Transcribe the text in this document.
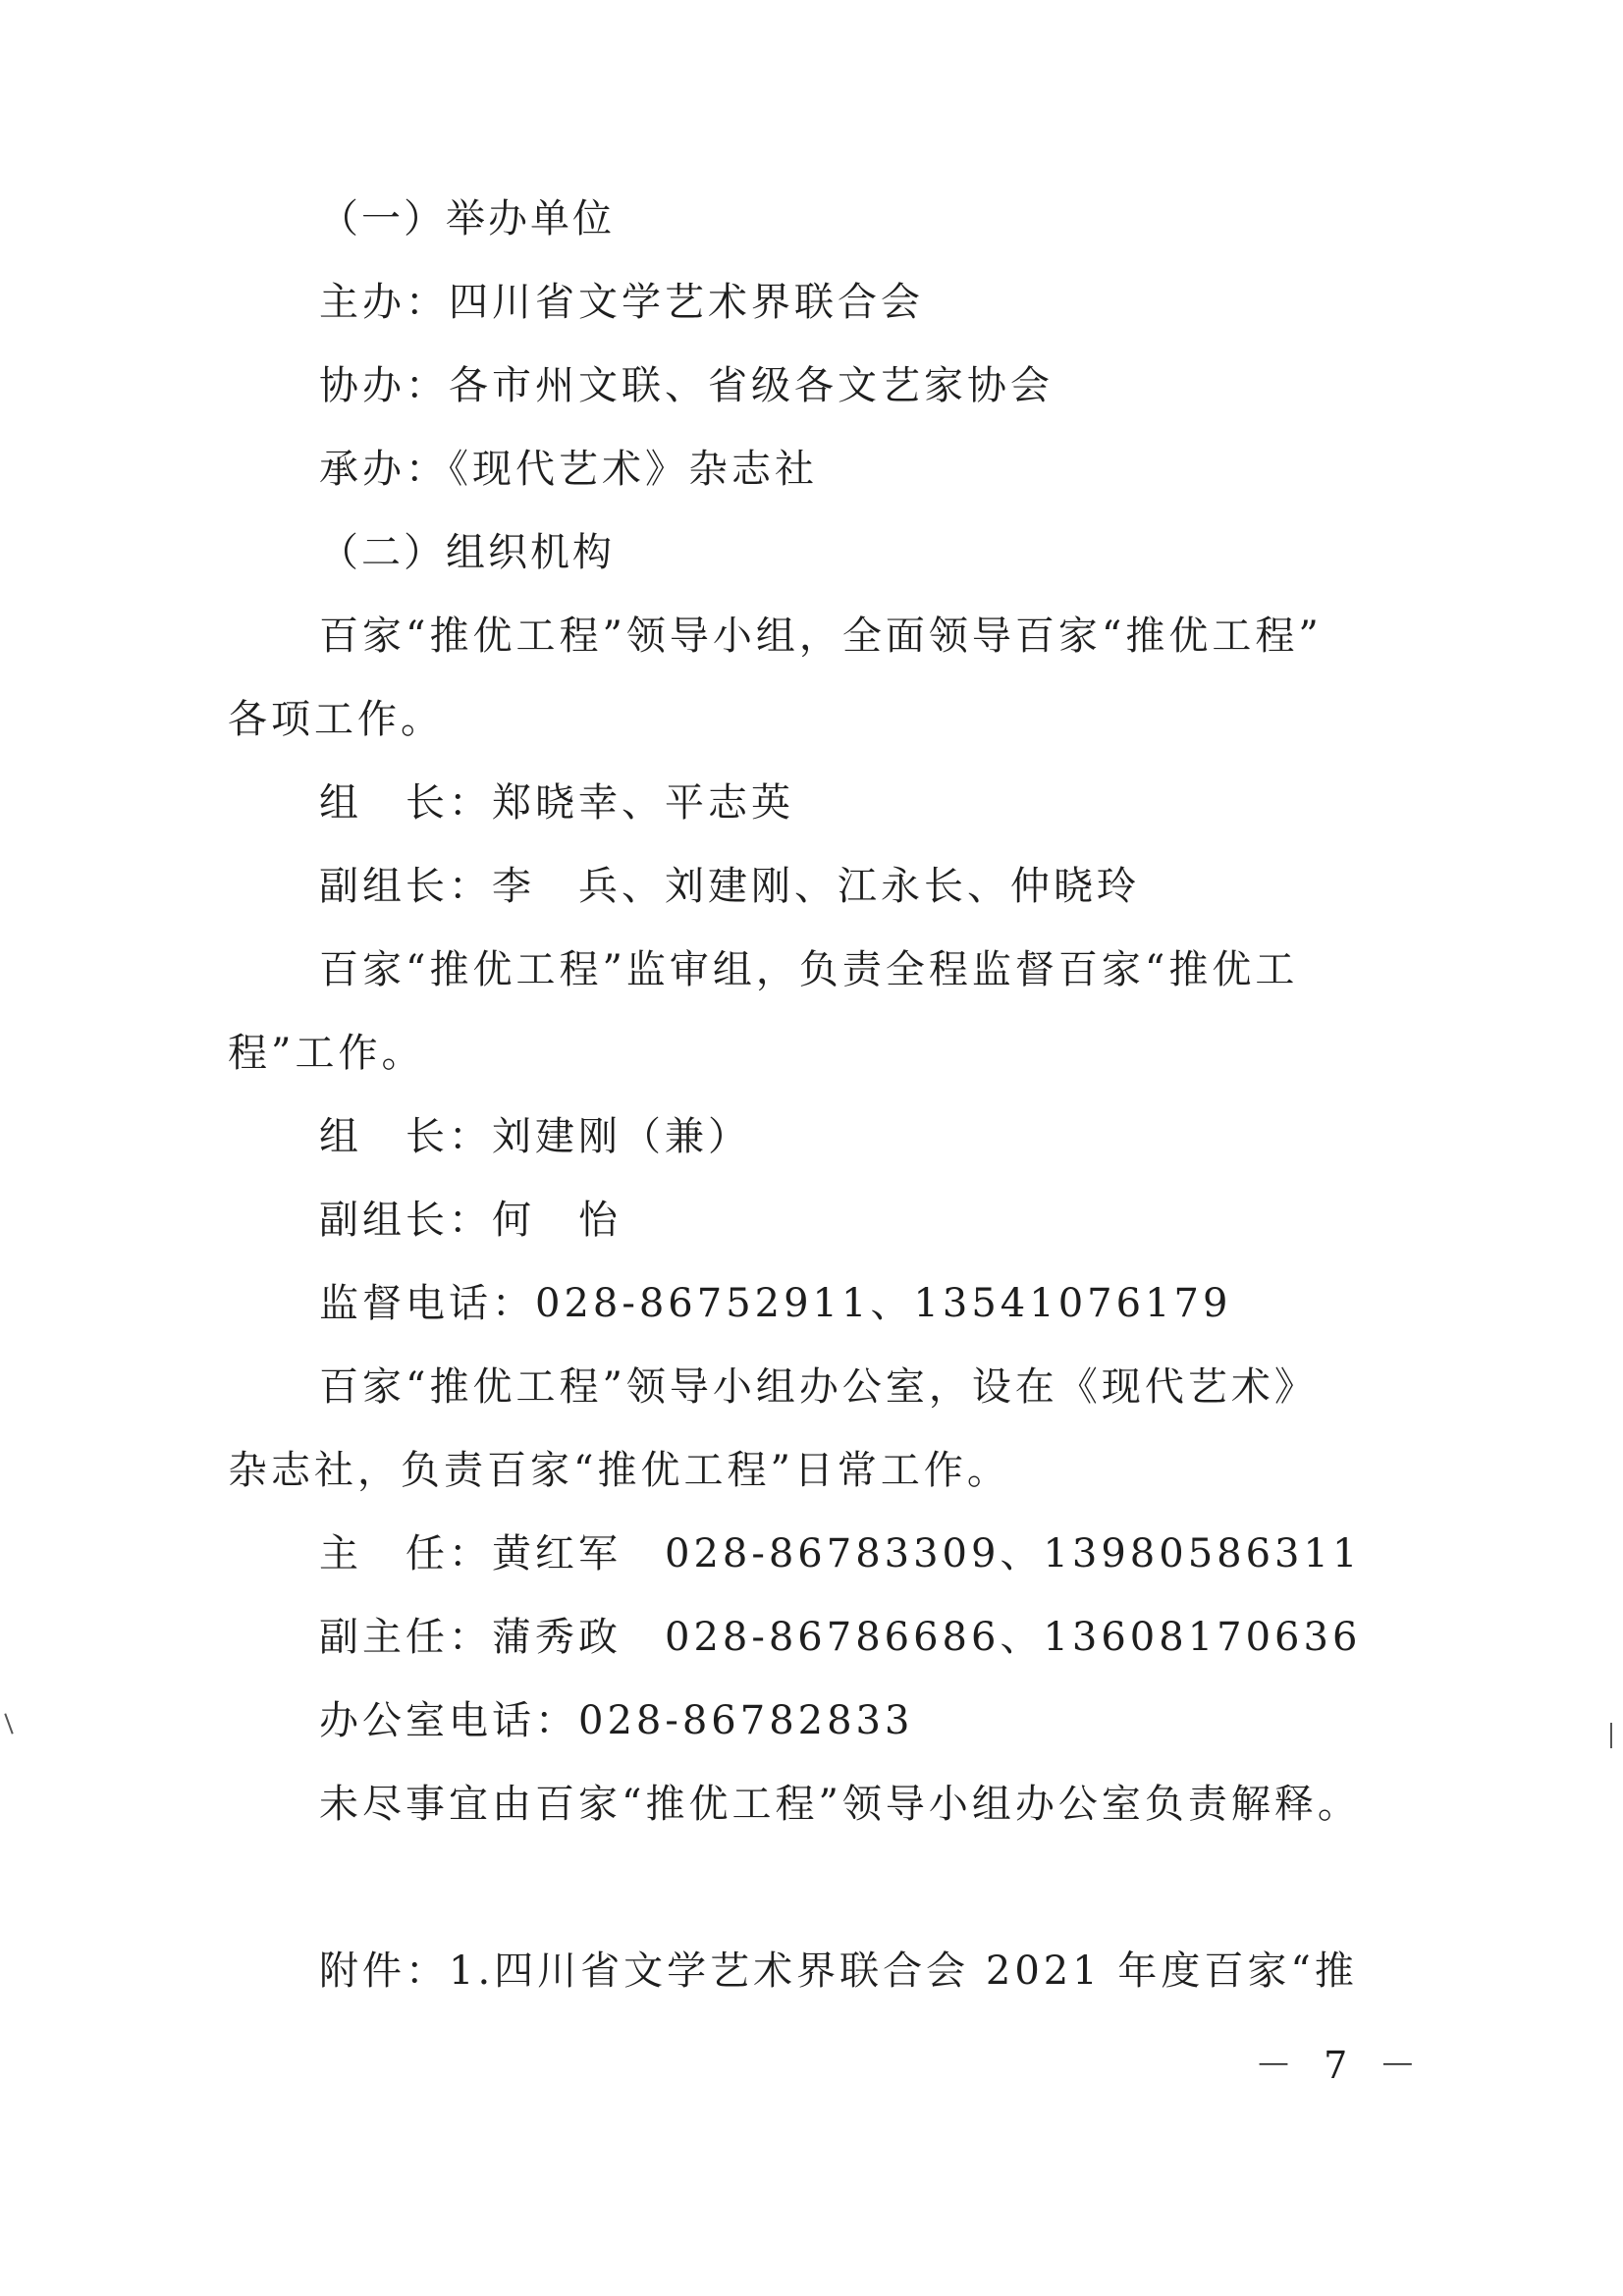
（一）举办单位
主办：四川省文学艺术界联合会
协办：各市州文联、省级各文艺家协会
承办：《现代艺术》杂志社
（二）组织机构
百家“推优工程”领导小组，全面领导百家“推优工程”
各项工作。
组　长：郑晓幸、平志英
副组长：李　兵、刘建刚、江永长、仲晓玲
百家“推优工程”监审组，负责全程监督百家“推优工
程”工作。
组　长：刘建刚（兼）
副组长：何　怡
监督电话：028-86752911、13541076179
百家“推优工程”领导小组办公室，设在《现代艺术》
杂志社，负责百家“推优工程”日常工作。
主　任：黄红军　028-86783309、13980586311
副主任：蒲秀政　028-86786686、13608170636
办公室电话：028-86782833
未尽事宜由百家“推优工程”领导小组办公室负责解释。
附件：1.四川省文学艺术界联合会 2021 年度百家“推
－ 7 －
